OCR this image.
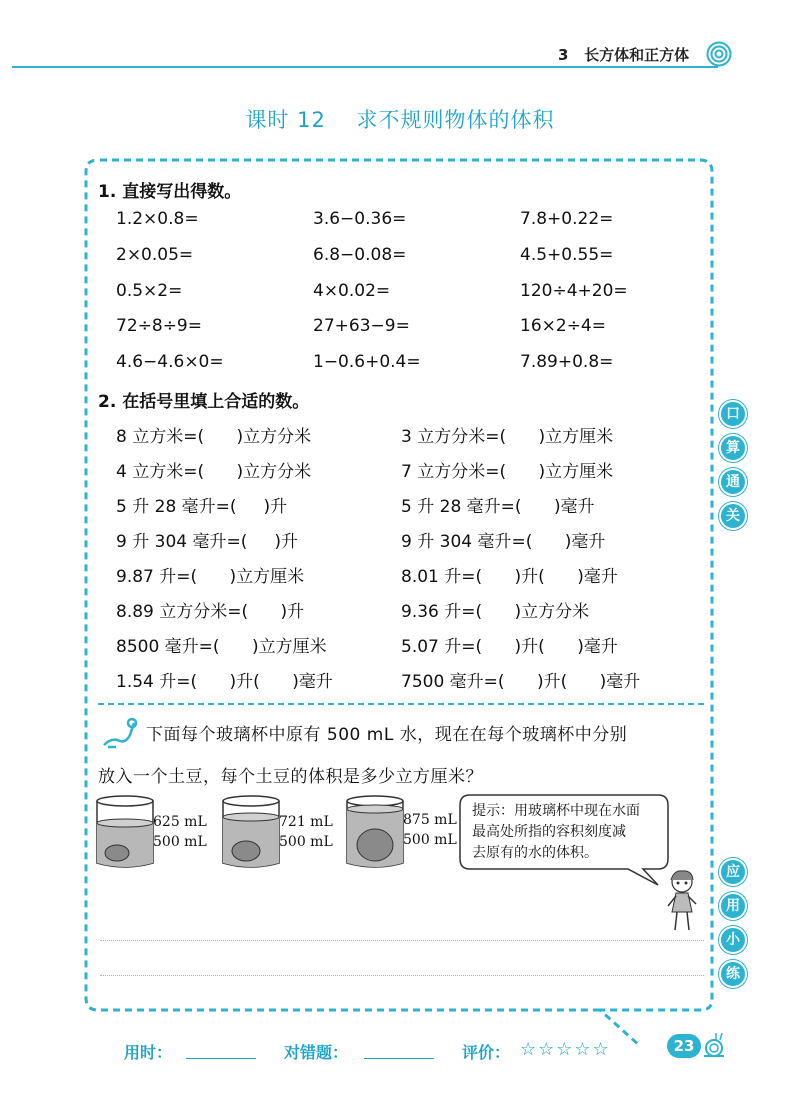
3   长方体和正方体
课时 12    求不规则物体的体积
1. 直接写出得数。
1.2×0.8=	3.6−0.36=	7.8+0.22=
2×0.05=	6.8−0.08=	4.5+0.55=
0.5×2=	4×0.02=	120÷4+20=
72÷8÷9=	27+63−9=	16×2÷4=
4.6−4.6×0=	1−0.6+0.4=	7.89+0.8=
2. 在括号里填上合适的数。
8 立方米=(      )立方分米	3 立方分米=(      )立方厘米
4 立方米=(      )立方分米	7 立方分米=(      )立方厘米
5 升 28 毫升=(     )升	5 升 28 毫升=(      )毫升
9 升 304 毫升=(     )升	9 升 304 毫升=(      )毫升
9.87 升=(      )立方厘米	8.01 升=(      )升(      )毫升
8.89 立方分米=(      )升	9.36 升=(      )立方分米
8500 毫升=(      )立方厘米	5.07 升=(      )升(      )毫升
1.54 升=(      )升(      )毫升	7500 毫升=(      )升(      )毫升
下面每个玻璃杯中原有 500 mL 水，现在在每个玻璃杯中分别
放入一个土豆，每个土豆的体积是多少立方厘米？
625 mL
500 mL
721 mL
500 mL
875 mL
500 mL
提示：用玻璃杯中现在水面
最高处所指的容积刻度减
去原有的水的体积。
口
算
通
关
应
用
小
练
用时：	对错题：	评价： ☆☆☆☆☆	23
